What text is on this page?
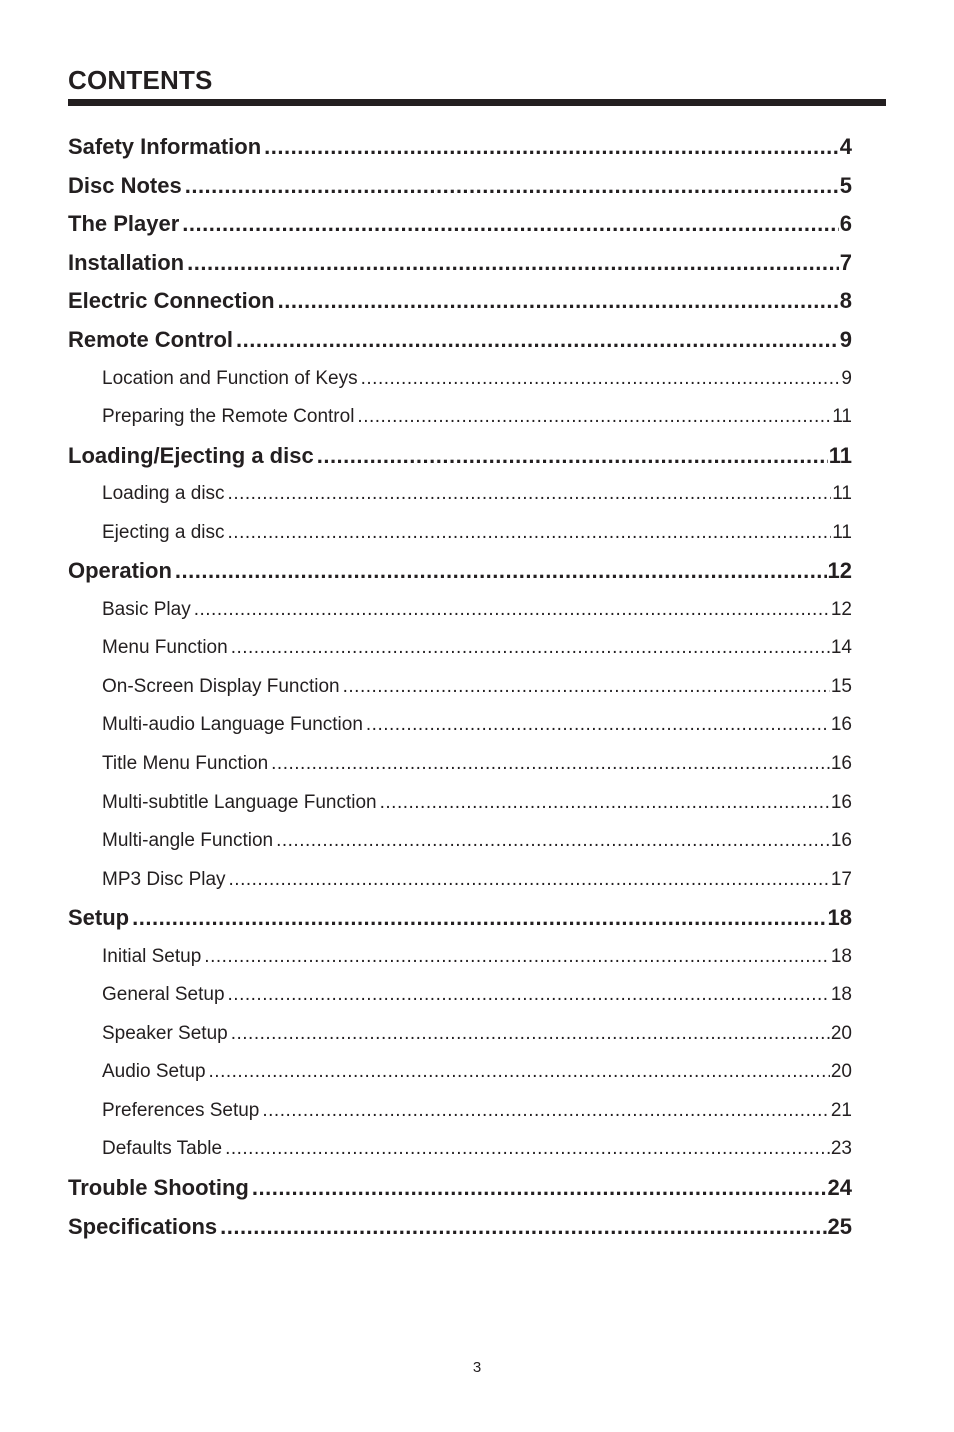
CONTENTS
Safety Information .....	4
Disc Notes .....	5
The Player .....	6
Installation .....	7
Electric Connection .....	8
Remote Control .....	9
Location and Function of Keys .....	9
Preparing the Remote Control .....	11
Loading/Ejecting a disc .....	11
Loading a disc .....	11
Ejecting a disc .....	11
Operation .....	12
Basic Play .....	12
Menu Function .....	14
On-Screen Display Function .....	15
Multi-audio Language Function .....	16
Title Menu Function .....	16
Multi-subtitle Language Function .....	16
Multi-angle Function .....	16
MP3 Disc Play .....	17
Setup .....	18
Initial Setup .....	18
General Setup .....	18
Speaker Setup .....	20
Audio Setup .....	20
Preferences Setup .....	21
Defaults Table .....	23
Trouble Shooting .....	24
Specifications .....	25
3
